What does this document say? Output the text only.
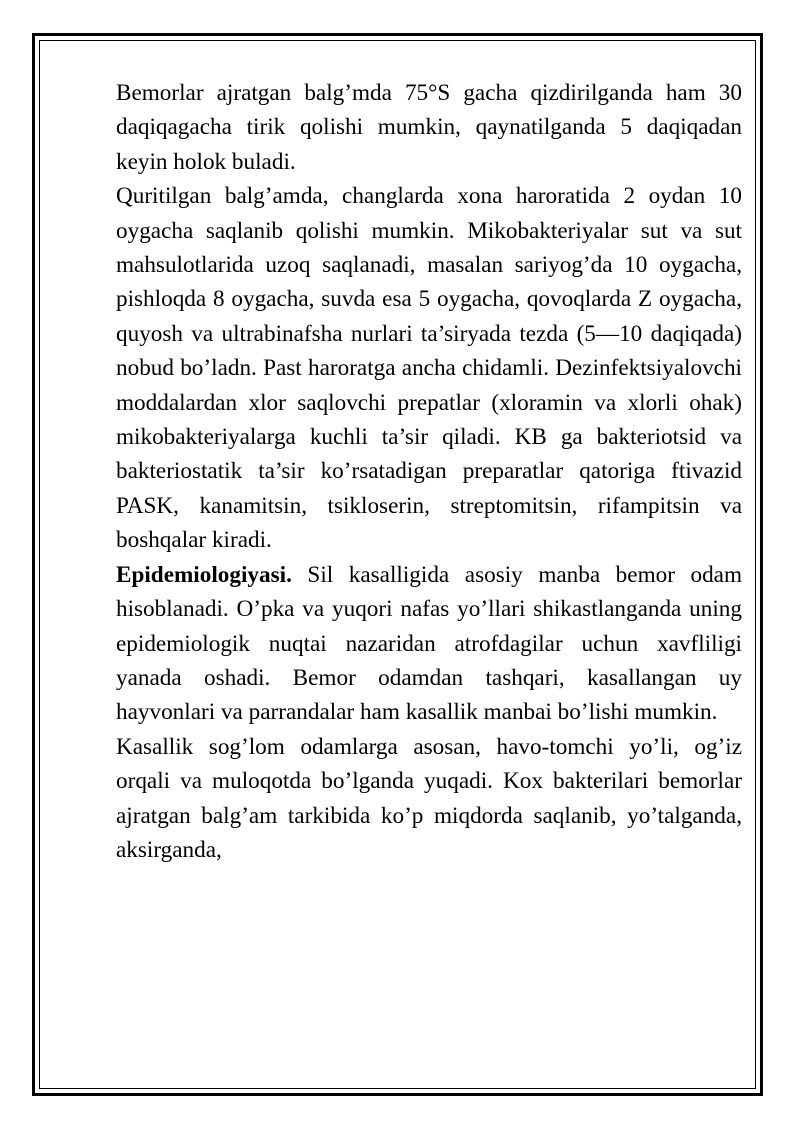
Bemorlar ajratgan balg’mda 75°S gacha qizdirilganda ham 30 daqiqagacha tirik qolishi mumkin, qaynatilganda 5 daqiqadan keyin holok buladi.

Quritilgan balg’amda, changlarda xona haroratida 2 oydan 10 oygacha saqlanib qolishi mumkin. Mikobakteriyalar sut va sut mahsulotlarida uzoq saqlanadi, masalan sariyog’da 10 oygacha, pishloqda 8 oygacha, suvda esa 5 oygacha, qovoqlarda Z oygacha, quyosh va ultrabinafsha nurlari ta’siryada tezda (5—10 daqiqada) nobud bo’ladn. Past haroratga ancha chidamli. Dezinfektsiyalovchi moddalardan xlor saqlovchi prepatlar (xloramin va xlorli ohak) mikobakteriyalarga kuchli ta’sir qiladi. KB ga bakteriotsid va bakteriostatik ta’sir ko’rsatadigan preparatlar qatoriga ftivazid PASK, kanamitsin, tsikloserin, streptomitsin, rifampitsin va boshqalar kiradi.

Epidemiologiyasi. Sil kasalligida asosiy manba bemor odam hisoblanadi. O’pka va yuqori nafas yo’llari shikastlanganda uning epidemiologik nuqtai nazaridan atrofdagilar uchun xavfliligi yanada oshadi. Bemor odamdan tashqari, kasallangan uy hayvonlari va parrandalar ham kasallik manbai bo’lishi mumkin.

Kasallik sog’lom odamlarga asosan, havo-tomchi yo’li, og’iz orqali va muloqotda bo’lganda yuqadi. Kox bakterilari bemorlar ajratgan balg’am tarkibida ko’p miqdorda saqlanib, yo’talganda, aksirganda,
